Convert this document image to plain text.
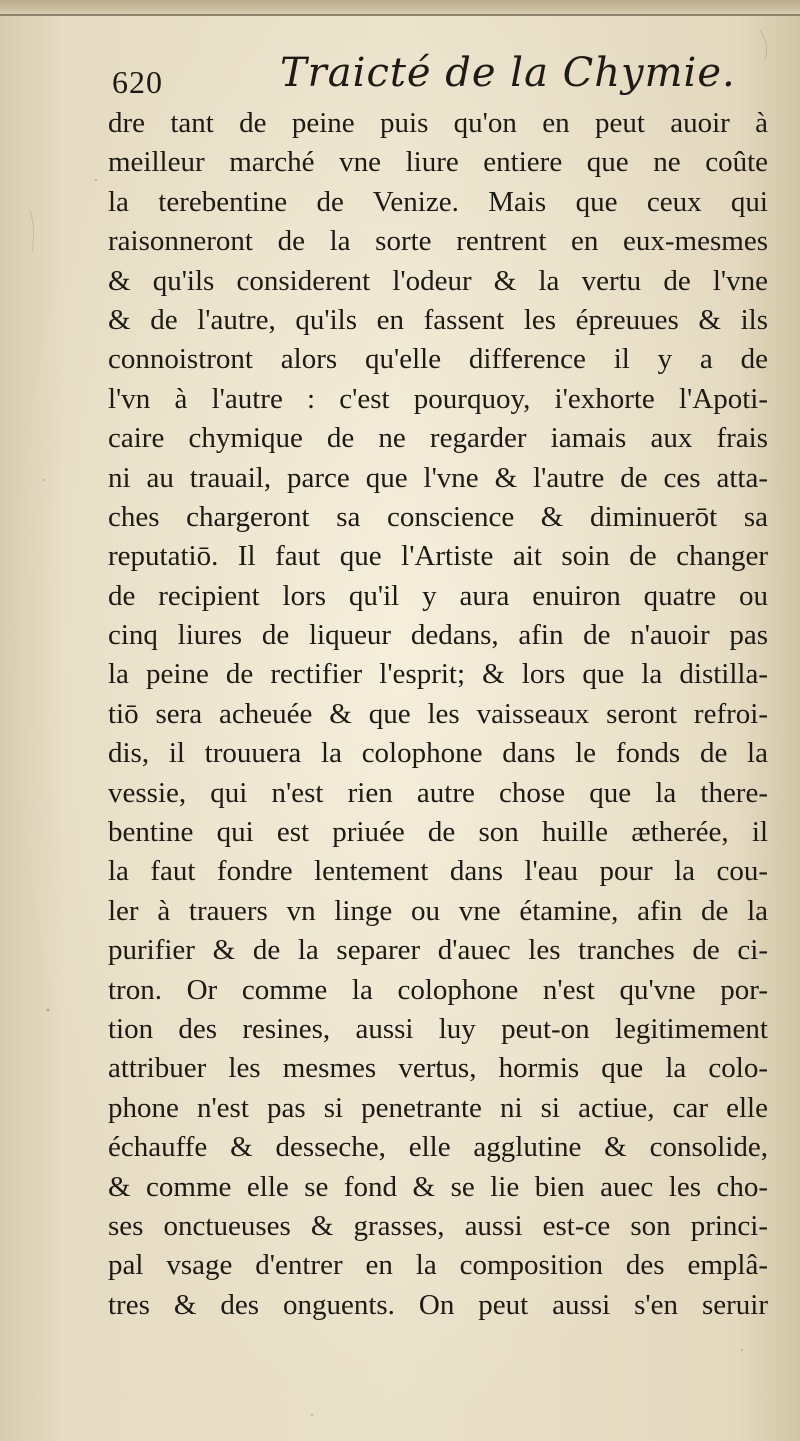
620	Traicté de la Chymie.
dre tant de peine puis qu'on en peut auoir à
meilleur marché vne liure entiere que ne coûte
la terebentine de Venize. Mais que ceux qui
raisonneront de la sorte rentrent en eux-mesmes
& qu'ils considerent l'odeur & la vertu de l'vne
& de l'autre, qu'ils en fassent les épreuues & ils
connoistront alors qu'elle difference il y a de
l'vn à l'autre : c'est pourquoy, i'exhorte l'Apoti-
caire chymique de ne regarder iamais aux frais
ni au trauail, parce que l'vne & l'autre de ces atta-
ches chargeront sa conscience & diminuerōt sa
reputatiō. Il faut que l'Artiste ait soin de changer
de recipient lors qu'il y aura enuiron quatre ou
cinq liures de liqueur dedans, afin de n'auoir pas
la peine de rectifier l'esprit; & lors que la distilla-
tiō sera acheuée & que les vaisseaux seront refroi-
dis, il trouuera la colophone dans le fonds de la
vessie, qui n'est rien autre chose que la there-
bentine qui est priuée de son huille ætherée, il
la faut fondre lentement dans l'eau pour la cou-
ler à trauers vn linge ou vne étamine, afin de la
purifier & de la separer d'auec les tranches de ci-
tron. Or comme la colophone n'est qu'vne por-
tion des resines, aussi luy peut-on legitimement
attribuer les mesmes vertus, hormis que la colo-
phone n'est pas si penetrante ni si actiue, car elle
échauffe & desseche, elle agglutine & consolide,
& comme elle se fond & se lie bien auec les cho-
ses onctueuses & grasses, aussi est-ce son princi-
pal vsage d'entrer en la composition des emplâ-
tres & des onguents. On peut aussi s'en seruir
